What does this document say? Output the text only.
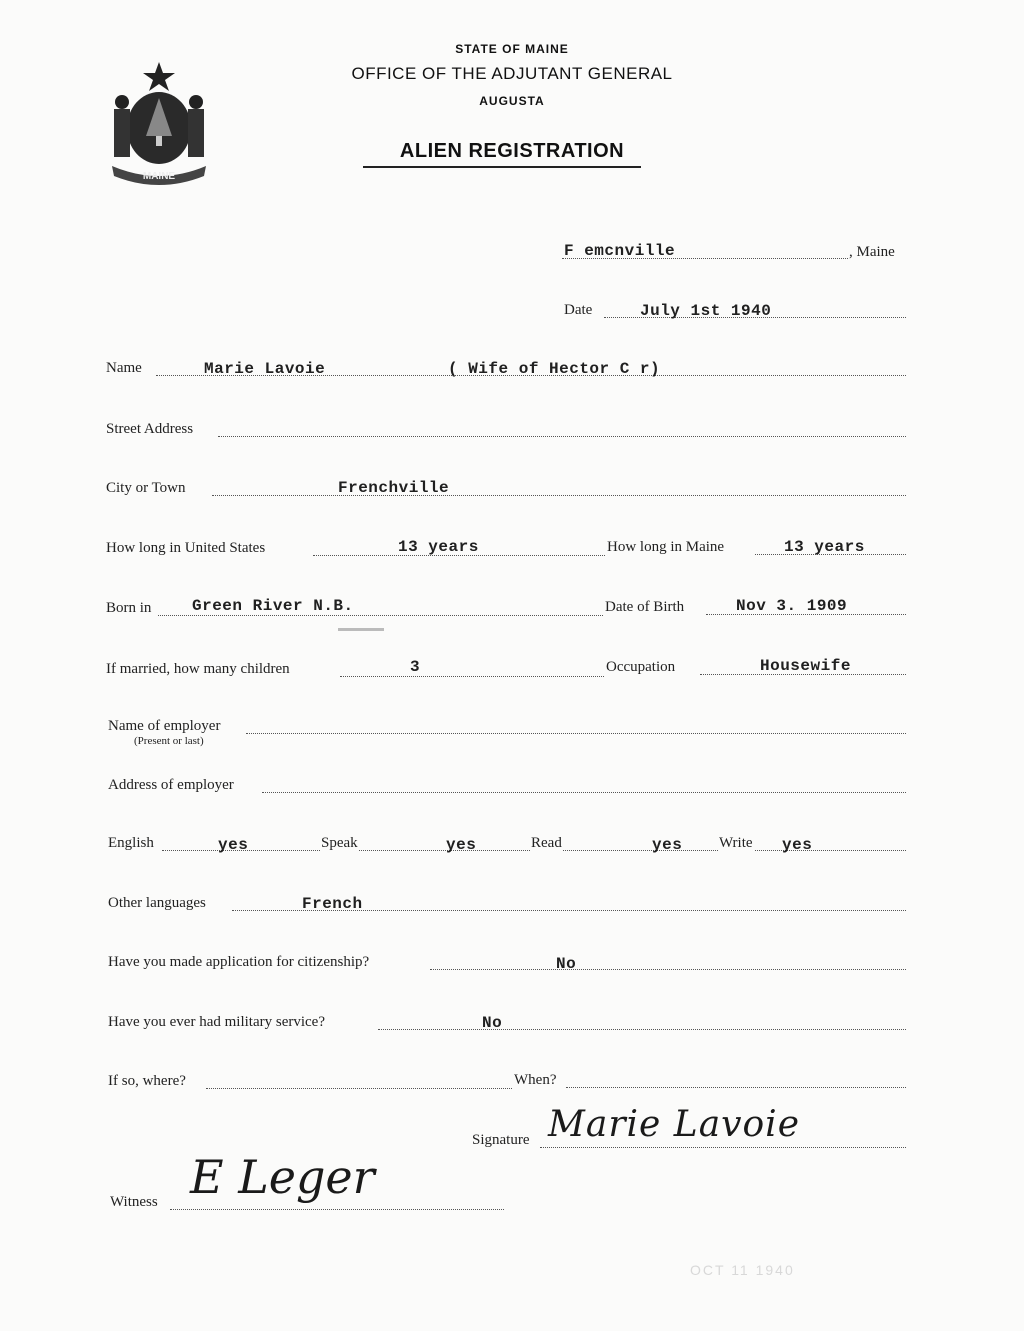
MAINE
STATE OF MAINE
OFFICE OF THE ADJUTANT GENERAL
AUGUSTA
ALIEN REGISTRATION
F emcnville	, Maine
Date	July 1st 1940
Name	Marie Lavoie	( Wife of Hector C r)
Street Address
City or Town	Frenchville
How long in United States	13 years	How long in Maine	13 years
Born in	Green River N.B.	Date of Birth	Nov 3. 1909
If married, how many children	3	Occupation	Housewife
Name of employer
(Present or last)
Address of employer
English	yes	Speak	yes	Read	yes Write yes
Other languages	French
Have you made application for citizenship?	No
Have you ever had military service?	No
If so, where?	When?
Signature Marie Lavoie
Witness E Leger
OCT 11 1940
